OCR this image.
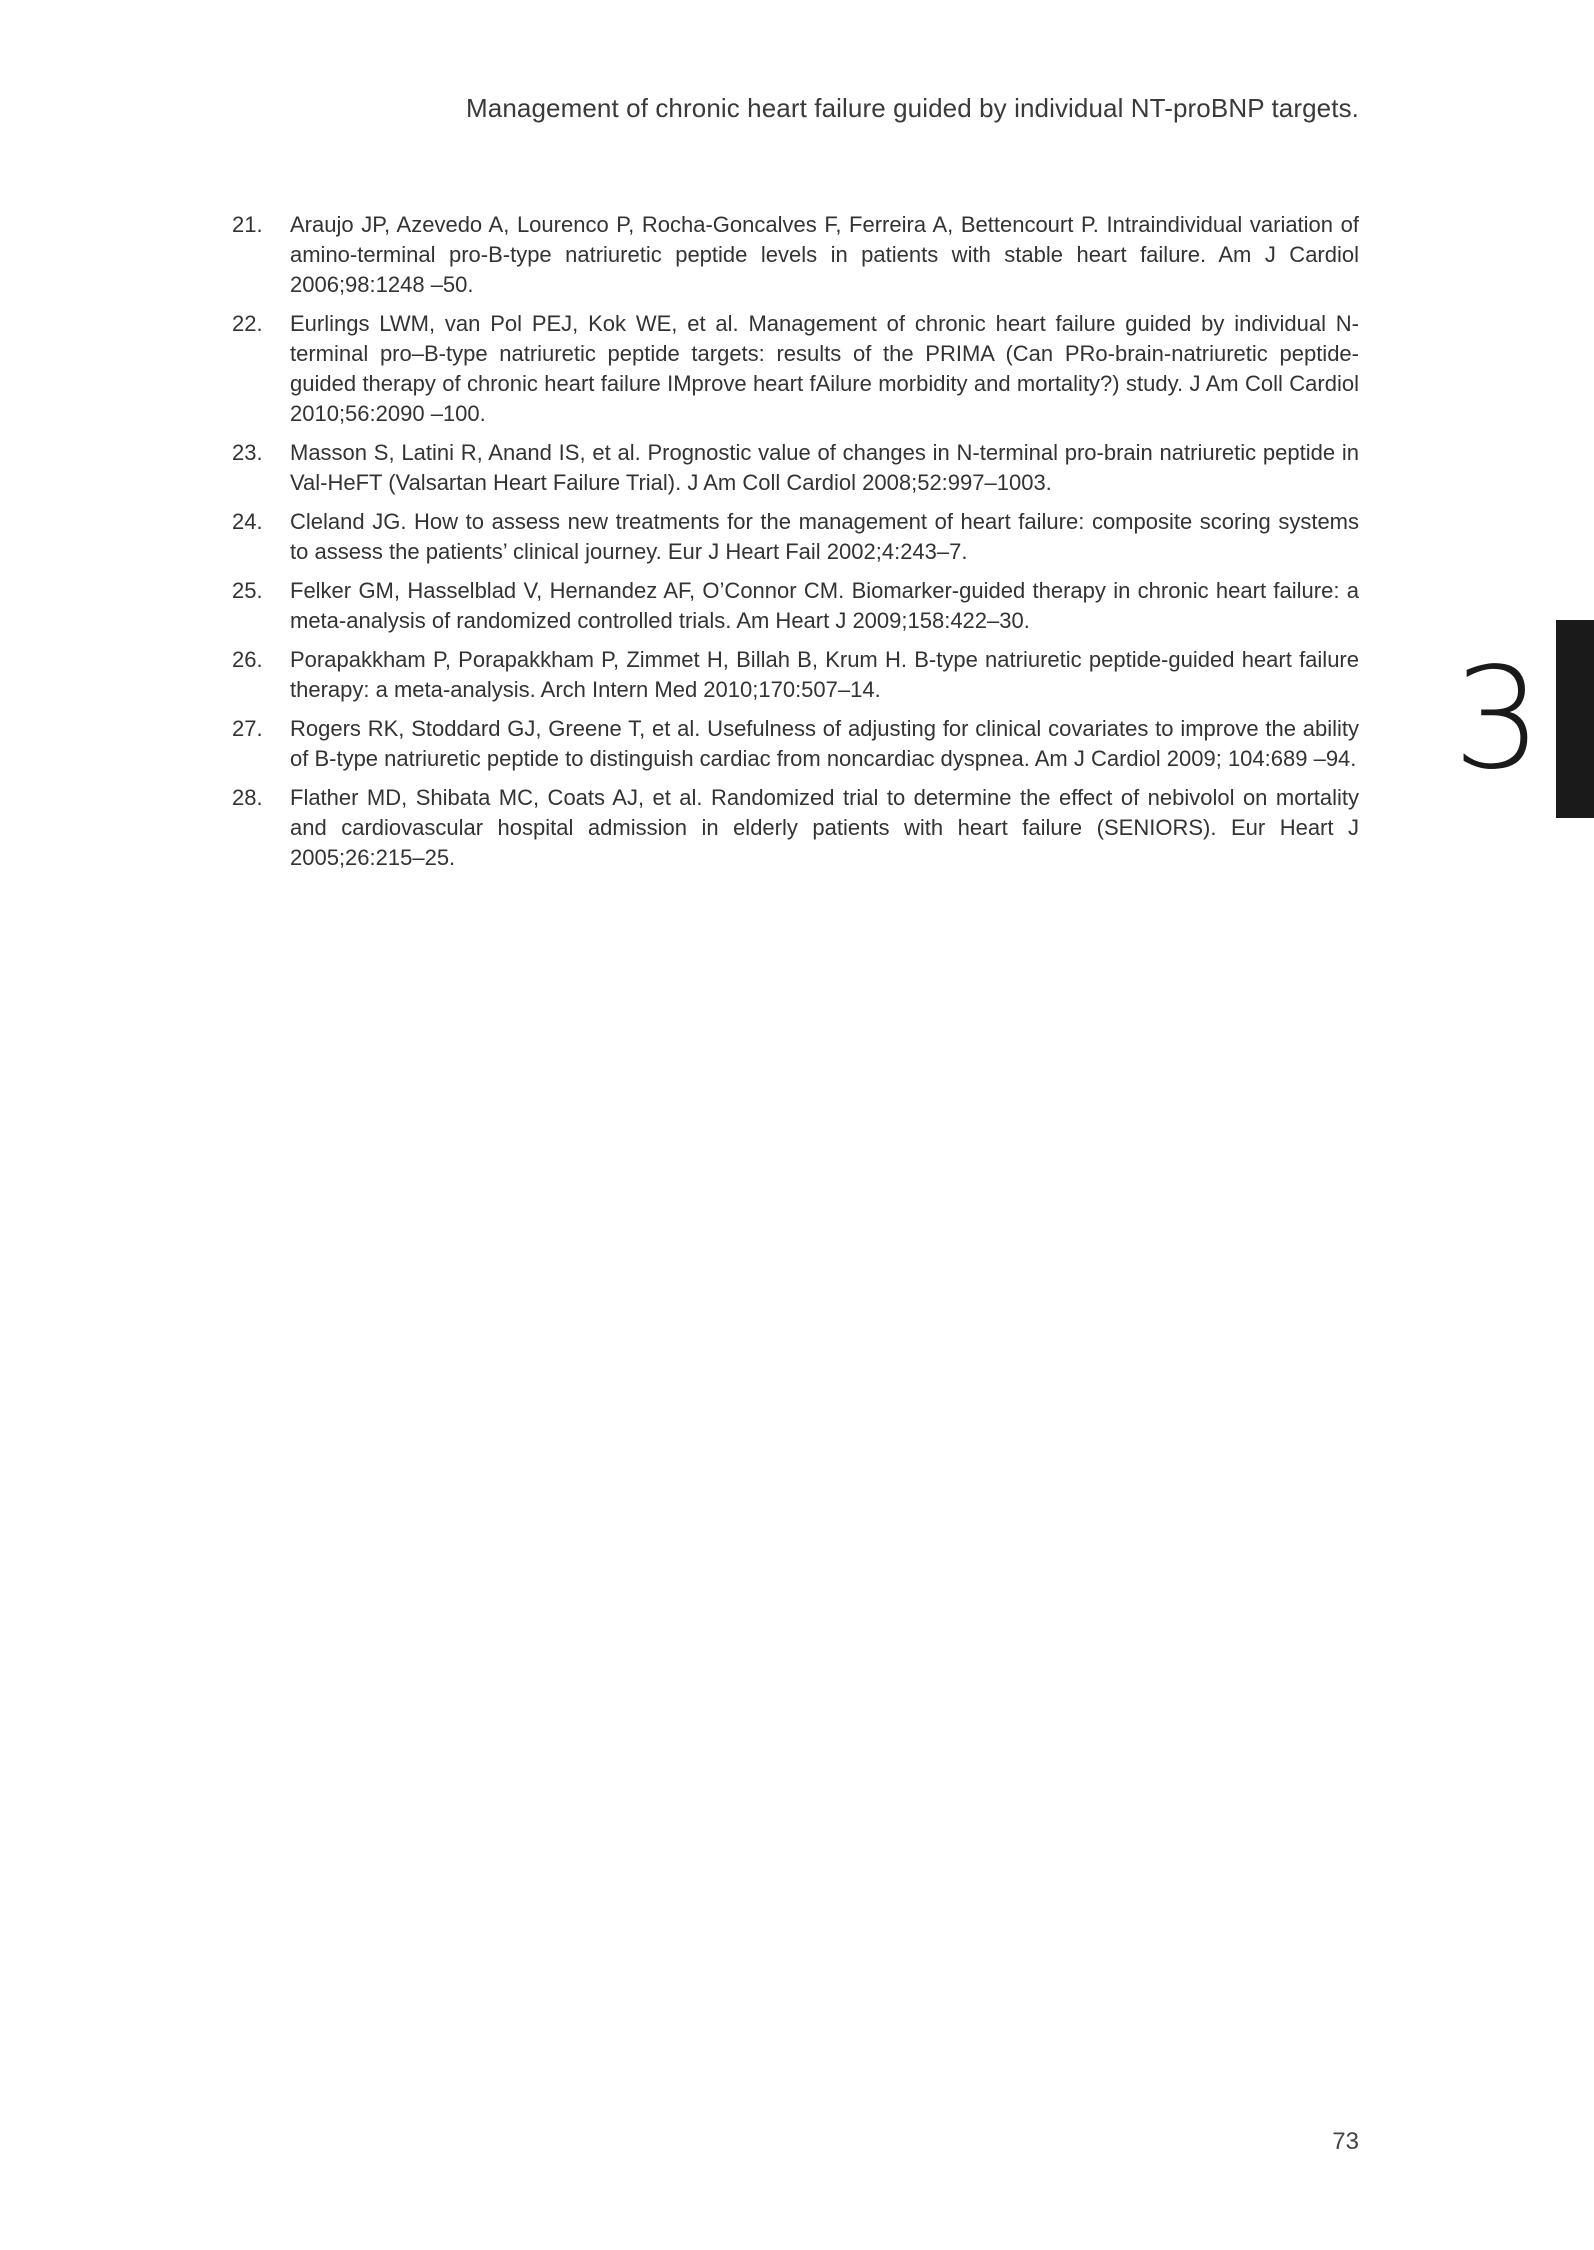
Management of chronic heart failure guided by individual NT-proBNP targets.
21.	Araujo JP, Azevedo A, Lourenco P, Rocha-Goncalves F, Ferreira A, Bettencourt P. Intraindividual variation of amino-terminal pro-B-type natriuretic peptide levels in patients with stable heart failure. Am J Cardiol 2006;98:1248 –50.
22.	Eurlings LWM, van Pol PEJ, Kok WE, et al. Management of chronic heart failure guided by individual N-terminal pro–B-type natriuretic peptide targets: results of the PRIMA (Can PRo-brain-natriuretic peptide-guided therapy of chronic heart failure IMprove heart fAilure morbidity and mortality?) study. J Am Coll Cardiol 2010;56:2090 –100.
23.	Masson S, Latini R, Anand IS, et al. Prognostic value of changes in N-terminal pro-brain natriuretic peptide in Val-HeFT (Valsartan Heart Failure Trial). J Am Coll Cardiol 2008;52:997–1003.
24.	Cleland JG. How to assess new treatments for the management of heart failure: composite scoring systems to assess the patients’ clinical journey. Eur J Heart Fail 2002;4:243–7.
25.	Felker GM, Hasselblad V, Hernandez AF, O’Connor CM. Biomarker-guided therapy in chronic heart failure: a meta-analysis of randomized controlled trials. Am Heart J 2009;158:422–30.
26.	Porapakkham P, Porapakkham P, Zimmet H, Billah B, Krum H. B-type natriuretic peptide-guided heart failure therapy: a meta-analysis. Arch Intern Med 2010;170:507–14.
27.	Rogers RK, Stoddard GJ, Greene T, et al. Usefulness of adjusting for clinical covariates to improve the ability of B-type natriuretic peptide to distinguish cardiac from noncardiac dyspnea. Am J Cardiol 2009; 104:689 –94.
28.	Flather MD, Shibata MC, Coats AJ, et al. Randomized trial to determine the effect of nebivolol on mortality and cardiovascular hospital admission in elderly patients with heart failure (SENIORS). Eur Heart J 2005;26:215–25.
3
73
